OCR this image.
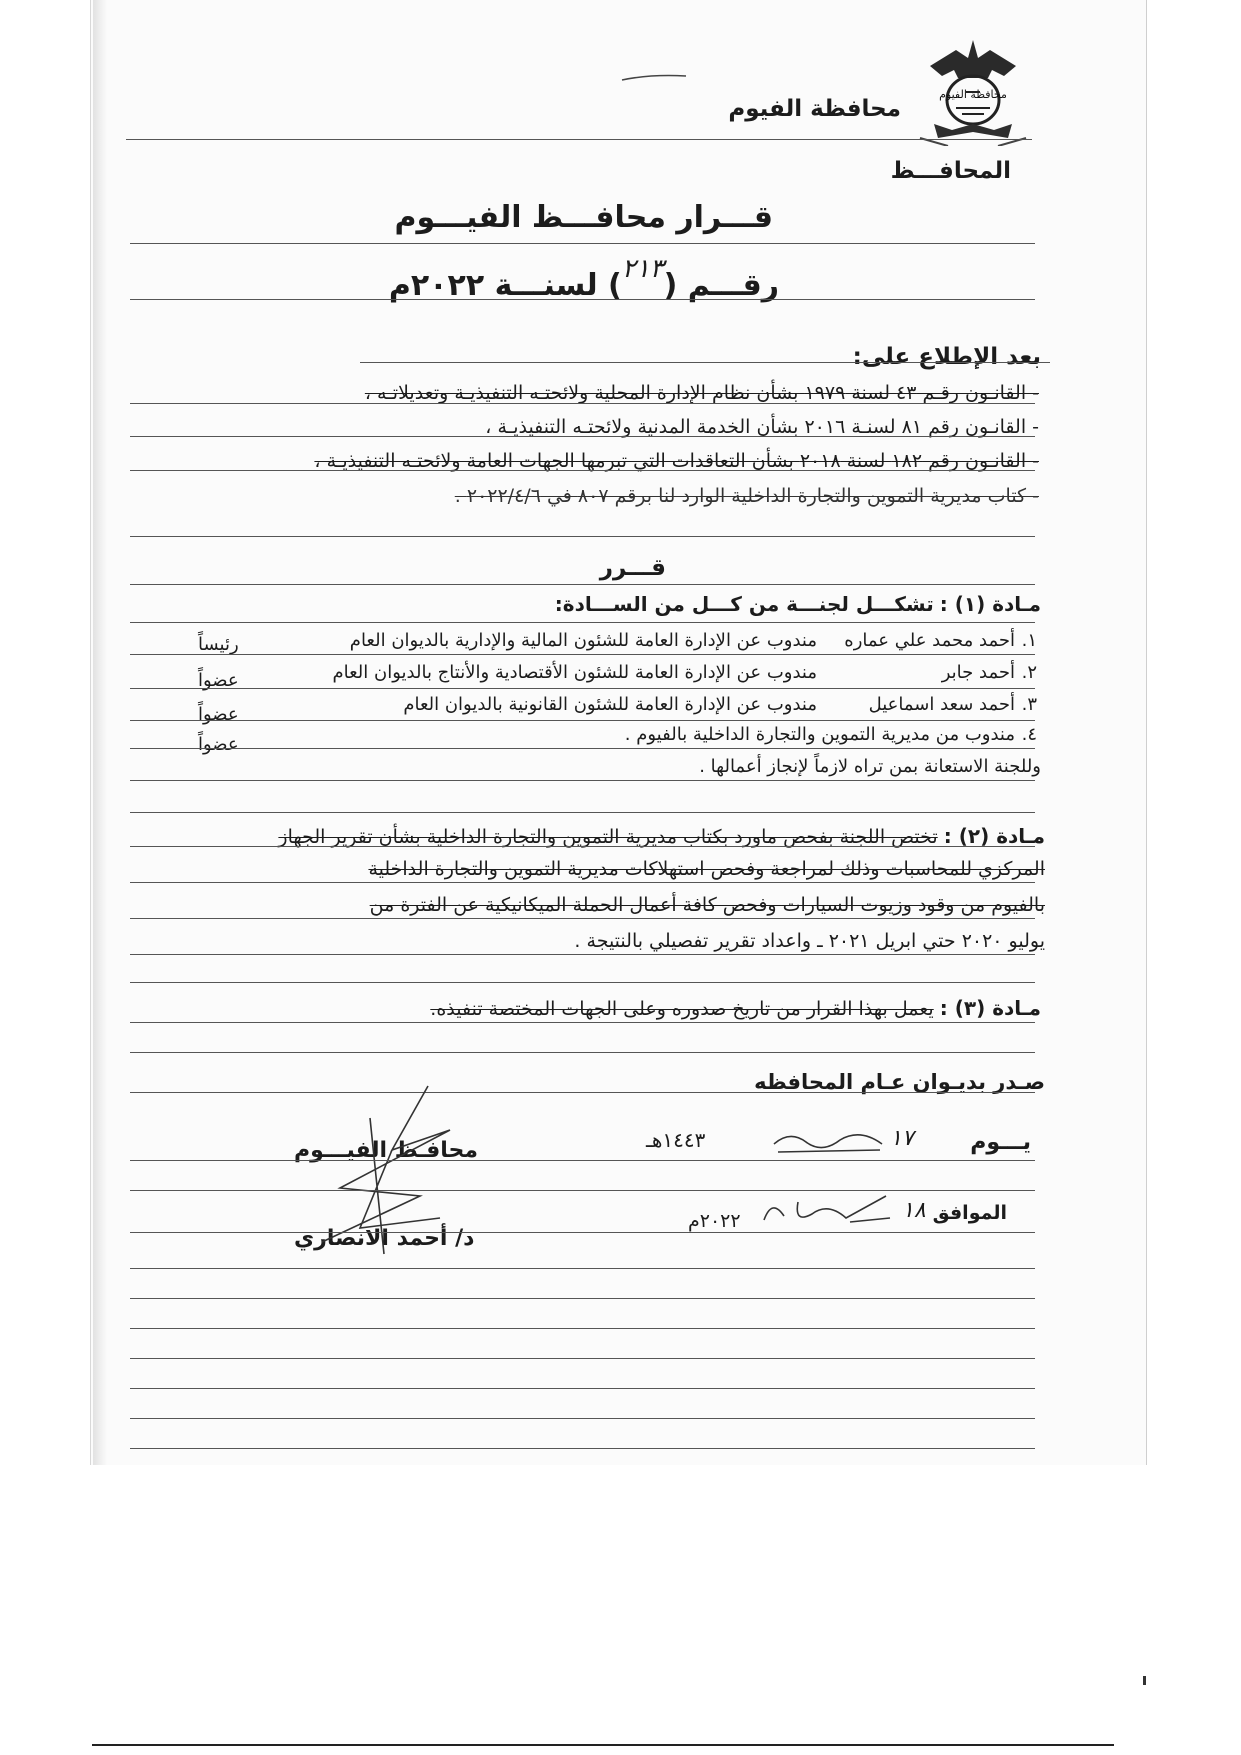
محافظة الفيوم
محافظة الفيوم
المحافـــظ
قـــرار محافـــظ الفيـــوم
رقـــم (٢١٣) لسنـــة ٢٠٢٢م
بعد الإطلاع على:
- القانـون رقـم ٤٣ لسنة ١٩٧٩ بشأن نظام الإدارة المحلية ولائحتـه التنفيذيـة وتعديلاتـه ،
- القانـون رقم ٨١ لسنـة ٢٠١٦ بشأن الخدمة المدنية ولائحتـه التنفيذيـة ،
- القانـون رقم ١٨٢ لسنة ٢٠١٨ بشأن التعاقدات التي تبرمها الجهات العامة ولائحتـه التنفيذيـة ،
- كتاب مديرية التموين والتجارة الداخلية الوارد لنا برقم ٨٠٧ في ٢٠٢٢/٤/٦ .
قـــرر
مـادة (١) : تشكـــل لجنـــة من كـــل من الســـادة:
١.
أحمد محمد علي عماره
مندوب عن الإدارة العامة للشئون المالية والإدارية بالديوان العام
رئيساً
٢.
أحمد جابر
مندوب عن الإدارة العامة للشئون الأقتصادية والأنتاج بالديوان العام
عضواً
٣.
أحمد سعد اسماعيل
مندوب عن الإدارة العامة للشئون القانونية بالديوان العام
عضواً
٤.
مندوب من مديرية التموين والتجارة الداخلية بالفيوم .
عضواً
وللجنة الاستعانة بمن تراه لازماً لإنجاز أعمالها .
مـادة (٢) : تختص اللجنة بفحص ماورد بكتاب مديرية التموين والتجارة الداخلية بشأن تقرير الجهاز
المركزي للمحاسبات وذلك لمراجعة وفحص استهلاكات مديرية التموين والتجارة الداخلية
بالفيوم من وقود وزيوت السيارات وفحص كافة أعمال الحملة الميكانيكية عن الفترة من
يوليو ٢٠٢٠ حتي ابريل ٢٠٢١ ـ واعداد تقرير تفصيلي بالنتيجة .
مـادة (٣) : يعمل بهذا القرار من تاريخ صدوره وعلى الجهات المختصة تنفيذه.
صـدر بديـوان عـام المحافظه
محافـظ الفيـــوم
د/ أحمد الانصاري
يـــوم
١٧
١٤٤٣هـ
الموافق
١٨
٢٠٢٢م
